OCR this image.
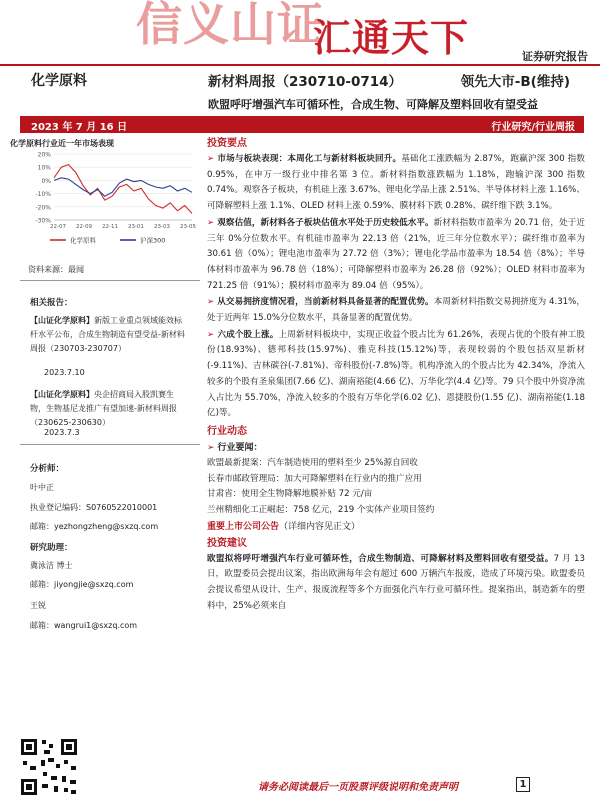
信义山证
汇通天下	证券研究报告
化学原料	新材料周报（230710-0714）	领先大市-B(维持)
欧盟呼吁增强汽车可循环性，合成生物、可降解及塑料回收有望受益
2023 年 7 月 16 日	行业研究/行业周报
化学原料行业近一年市场表现
20%
10%
0%
-10%
-20%
-30%
22-07 22-09 22-11 23-01 23-03 23-05
化学原料	沪深300
资料来源：最闻
相关报告：
【山证化学原料】新版工业重点领域能效标杆水平公布，合成生物制造有望受益-新材料周报（230703-230707）
2023.7.10
【山证化学原料】央企招商局入股凯赛生物，生物基尼龙推广有望加速-新材料周报（230625-230630）
2023.7.3
分析师：
叶中正
执业登记编码：S0760522010001
邮箱：yezhongzheng@sxzq.com
研究助理：
冀泳洁 博士
邮箱：jiyongjie@sxzq.com
王锐
邮箱：wangrui1@sxzq.com
投资要点
➢ 市场与板块表现：本周化工与新材料板块回升。基础化工涨跌幅为 2.87%，跑赢沪深 300 指数 0.95%，在申万一级行业中排名第 3 位。新材料指数涨跌幅为 1.18%，跑输沪深 300 指数 0.74%。观察各子板块，有机硅上涨 3.67%、锂电化学品上涨 2.51%、半导体材料上涨 1.16%、可降解塑料上涨 1.1%、OLED 材料上涨 0.59%、膜材料下跌 0.28%、碳纤维下跌 3.1%。
➢ 观察估值，新材料各子板块估值水平处于历史较低水平。新材料指数市盈率为 20.71 倍，处于近三年 0%分位数水平。有机硅市盈率为 22.13 倍（21%，近三年分位数水平）；碳纤维市盈率为 30.61 倍（0%）；锂电池市盈率为 27.72 倍（3%）；锂电化学品市盈率为 18.54 倍（8%）；半导体材料市盈率为 96.78 倍（18%）；可降解塑料市盈率为 26.28 倍（92%）；OLED 材料市盈率为 721.25 倍（91%）；膜材料市盈率为 89.04 倍（95%）。
➢ 从交易拥挤度情况看，当前新材料具备显著的配置优势。本周新材料指数交易拥挤度为 4.31%，处于近两年 15.0%分位数水平，具备显著的配置优势。
➢ 六成个股上涨。上周新材料板块中，实现正收益个股占比为 61.26%，表现占优的个股有神工股份(18.93%)、德邦科技(15.97%)、雅克科技(15.12%)等，表现较弱的个股包括双星新材(-9.11%)、吉林碳谷(-7.81%)、帝科股份(-7.8%)等。机构净流入的个股占比为 42.34%，净流入较多的个股有圣泉集团(7.66 亿)、湖南裕能(4.66 亿)、万华化学(4.4 亿)等。79 只个股中外资净流入占比为 55.70%，净流入较多的个股有万华化学(6.02 亿)、恩捷股份(1.55 亿)、湖南裕能(1.18 亿)等。
行业动态
➢ 行业要闻：
欧盟最新提案：汽车制造使用的塑料至少 25%源自回收
长春市邮政管理局：加大可降解塑料在行业内的推广应用
甘肃省：使用全生物降解地膜补贴 72 元/亩
兰州精细化工正崛起：758 亿元，219 个实体产业项目签约
重要上市公司公告（详细内容见正文）
投资建议
欧盟拟将呼吁增强汽车行业可循环性，合成生物制造、可降解材料及塑料回收有望受益。7 月 13 日，欧盟委员会提出议案，指出欧洲每年会有超过 600 万辆汽车报废，造成了环境污染。欧盟委员会提议希望从设计、生产、报废流程等多个方面强化汽车行业可循环性。提案指出，制造新车的塑料中，25%必须来自
请务必阅读最后一页股票评级说明和免责声明	1
